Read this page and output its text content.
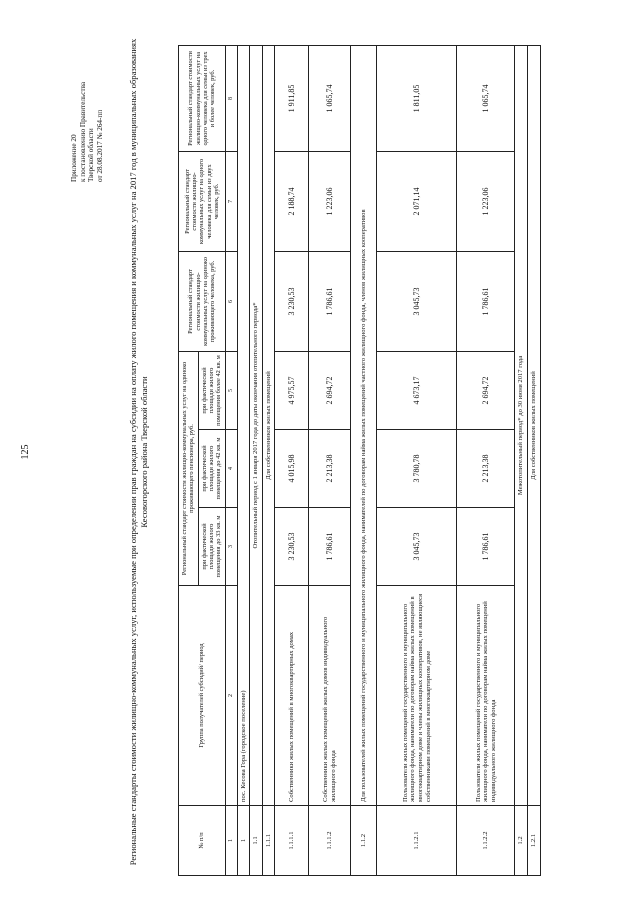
125
Приложение 20 к постановлению Правительства Тверской области от 28.08.2017 № 264-пп	Региональные стандарты стоимости жилищно-коммунальных услуг, используемые при определении прав граждан на субсидии на оплату жилого помещения и коммунальных услуг на 2017 год в муниципальных образованиях Кесовогорского района Тверской области
№ п/п	Группа получателей субсидий/ период	Региональный стандарт стоимости жилищно-коммунальных услуг на одиноко проживающего пенсионера, руб.			Региональный стандарт стоимости жилищно-коммунальных услуг на одиноко проживающего человека, руб.	Региональный стандарт стоимости жилищно-коммунальных услуг на одного человека для семьи из двух человек, руб.	Региональный стандарт стоимости жилищно-коммунальных услуг на одного человека для семьи из трех и более человек, руб.
		при фактической площади жилого помещения до 33 кв. м	при фактической площади жилого помещения до 42 кв. м	при фактической площади жилого помещения более 42 кв. м			
1	2	3	4	5	6	7	8
1	пос. Кесова Гора (городское поселение)						
1.1	Отопительный период с 1 января 2017 года до даты окончания отопительного периода*						
1.1.1	Для собственников жилых помещений						
1.1.1.1	Собственники жилых помещений в многоквартирных домах	3 230,53	4 015,98	4 975,57	3 230,53	2 188,74	1 911,85
1.1.1.2	Собственники жилых помещений жилых домов индивидуального жилищного фонда	1 786,61	2 213,38	2 694,72	1 786,61	1 223,06	1 065,74
1.1.2	Для пользователей жилых помещений государственного и муниципального жилищного фонда, нанимателей по договорам найма жилых помещений частного жилищного фонда, членов жилищных кооперативов						
1.1.2.1	Пользователи жилых помещений государственного и муниципального жилищного фонда, наниматели по договорам найма жилых помещений в многоквартирном доме и члены жилищных кооперативов, не являющиеся собственниками помещений в многоквартирном доме	3 045,73	3 780,78	4 673,17	3 045,73	2 071,14	1 811,05
1.1.2.2	Пользователи жилых помещений государственного и муниципального жилищного фонда, наниматели по договорам найма жилых помещений индивидуального жилищного фонда	1 786,61	2 213,38	2 694,72	1 786,61	1 223,06	1 065,74
1.2	Межотопительный период* до 30 июня 2017 года						
1.2.1	Для собственников жилых помещений						
